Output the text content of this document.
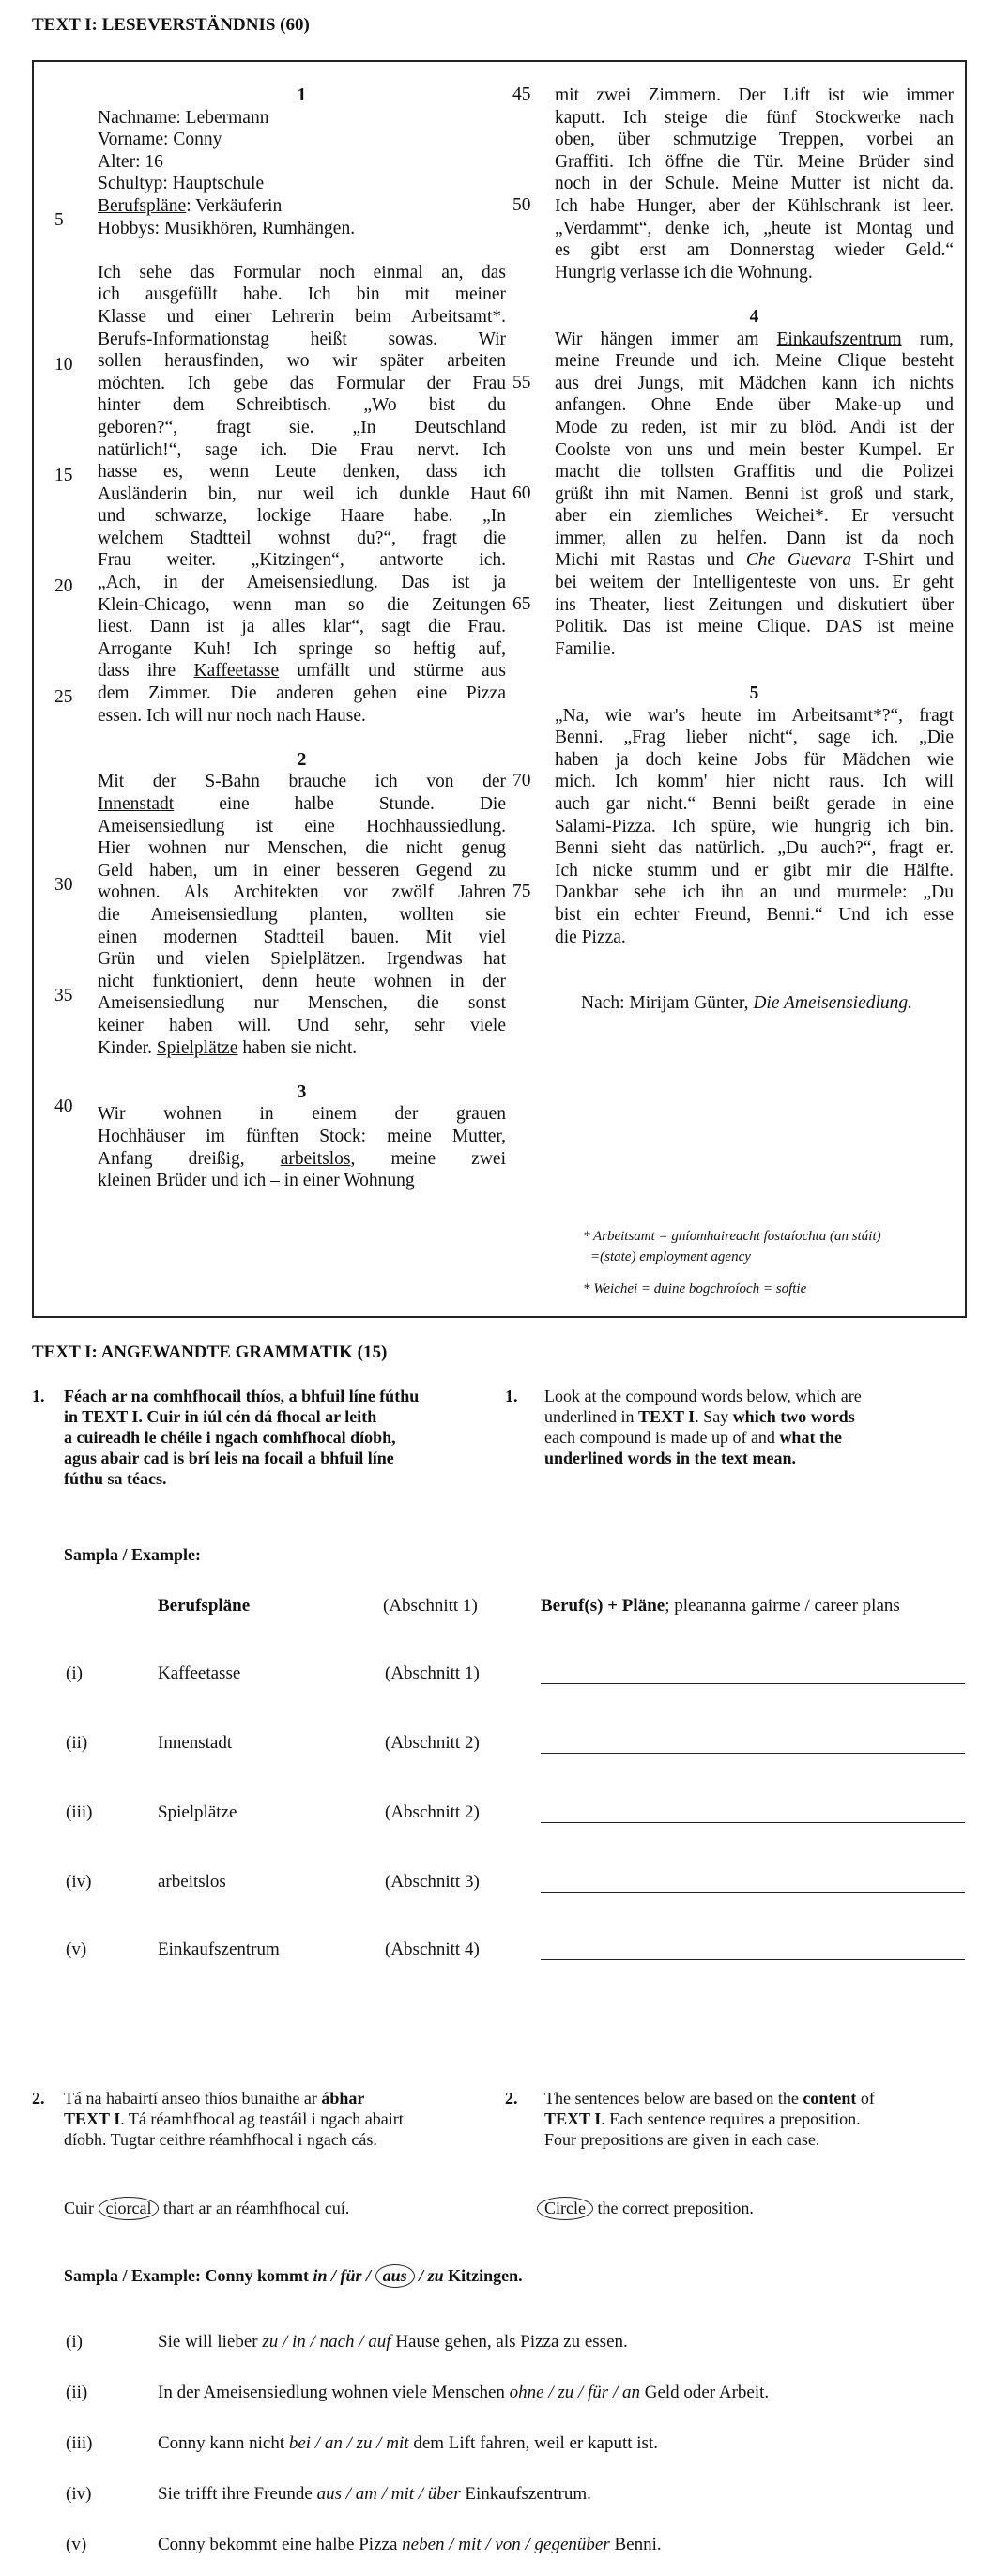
TEXT I: LESEVERSTÄNDNIS (60)
5
10
15
20
25
30
35
40
1
Nachname: Lebermann
Vorname: Conny
Alter: 16
Schultyp: Hauptschule
Berufspläne: Verkäuferin
Hobbys: Musikhören, Rumhängen.
Ich sehe das Formular noch einmal an, das
ich ausgefüllt habe. Ich bin mit meiner
Klasse und einer Lehrerin beim Arbeitsamt*.
Berufs-Informationstag heißt sowas. Wir
sollen herausfinden, wo wir später arbeiten
möchten. Ich gebe das Formular der Frau
hinter dem Schreibtisch. „Wo bist du
geboren?“, fragt sie. „In Deutschland
natürlich!“, sage ich. Die Frau nervt. Ich
hasse es, wenn Leute denken, dass ich
Ausländerin bin, nur weil ich dunkle Haut
und schwarze, lockige Haare habe. „In
welchem Stadtteil wohnst du?“, fragt die
Frau weiter. „Kitzingen“, antworte ich.
„Ach, in der Ameisensiedlung. Das ist ja
Klein-Chicago, wenn man so die Zeitungen
liest. Dann ist ja alles klar“, sagt die Frau.
Arrogante Kuh! Ich springe so heftig auf,
dass ihre Kaffeetasse umfällt und stürme aus
dem Zimmer. Die anderen gehen eine Pizza
essen. Ich will nur noch nach Hause.
2
Mit der S-Bahn brauche ich von der
Innenstadt eine halbe Stunde. Die
Ameisensiedlung ist eine Hochhaussiedlung.
Hier wohnen nur Menschen, die nicht genug
Geld haben, um in einer besseren Gegend zu
wohnen. Als Architekten vor zwölf Jahren
die Ameisensiedlung planten, wollten sie
einen modernen Stadtteil bauen. Mit viel
Grün und vielen Spielplätzen. Irgendwas hat
nicht funktioniert, denn heute wohnen in der
Ameisensiedlung nur Menschen, die sonst
keiner haben will. Und sehr, sehr viele
Kinder. Spielplätze haben sie nicht.
3
Wir wohnen in einem der grauen
Hochhäuser im fünften Stock: meine Mutter,
Anfang dreißig, arbeitslos, meine zwei
kleinen Brüder und ich – in einer Wohnung
45
50
55
60
65
70
75
mit zwei Zimmern. Der Lift ist wie immer
kaputt. Ich steige die fünf Stockwerke nach
oben, über schmutzige Treppen, vorbei an
Graffiti. Ich öffne die Tür. Meine Brüder sind
noch in der Schule. Meine Mutter ist nicht da.
Ich habe Hunger, aber der Kühlschrank ist leer.
„Verdammt“, denke ich, „heute ist Montag und
es gibt erst am Donnerstag wieder Geld.“
Hungrig verlasse ich die Wohnung.
4
Wir hängen immer am Einkaufszentrum rum,
meine Freunde und ich. Meine Clique besteht
aus drei Jungs, mit Mädchen kann ich nichts
anfangen. Ohne Ende über Make-up und
Mode zu reden, ist mir zu blöd. Andi ist der
Coolste von uns und mein bester Kumpel. Er
macht die tollsten Graffitis und die Polizei
grüßt ihn mit Namen. Benni ist groß und stark,
aber ein ziemliches Weichei*. Er versucht
immer, allen zu helfen. Dann ist da noch
Michi mit Rastas und Che Guevara T-Shirt und
bei weitem der Intelligenteste von uns. Er geht
ins Theater, liest Zeitungen und diskutiert über
Politik. Das ist meine Clique. DAS ist meine
Familie.
5
„Na, wie war's heute im Arbeitsamt*?“, fragt
Benni. „Frag lieber nicht“, sage ich. „Die
haben ja doch keine Jobs für Mädchen wie
mich. Ich komm' hier nicht raus. Ich will
auch gar nicht.“ Benni beißt gerade in eine
Salami-Pizza. Ich spüre, wie hungrig ich bin.
Benni sieht das natürlich. „Du auch?“, fragt er.
Ich nicke stumm und er gibt mir die Hälfte.
Dankbar sehe ich ihn an und murmele: „Du
bist ein echter Freund, Benni.“ Und ich esse
die Pizza.
Nach: Mirijam Günter, Die Ameisensiedlung.
* Arbeitsamt = gníomhaireacht fostaíochta (an stáit)
=(state) employment agency
* Weichei = duine bogchroíoch = softie
TEXT I: ANGEWANDTE GRAMMATIK (15)
1. Féach ar na comhfhocail thíos, a bhfuil líne fúthu
in TEXT I. Cuir in iúl cén dá fhocal ar leith
a cuireadh le chéile i ngach comhfhocal díobh,
agus abair cad is brí leis na focail a bhfuil líne
fúthu sa téacs.
1. Look at the compound words below, which are
underlined in TEXT I. Say which two words
each compound is made up of and what the
underlined words in the text mean.
Sampla / Example:
Berufspläne	(Abschnitt 1)	Beruf(s) + Pläne; pleananna gairme / career plans
(i)	Kaffeetasse	(Abschnitt 1)
(ii)	Innenstadt	(Abschnitt 2)
(iii)	Spielplätze	(Abschnitt 2)
(iv)	arbeitslos	(Abschnitt 3)
(v)	Einkaufszentrum	(Abschnitt 4)
2. Tá na habairtí anseo thíos bunaithe ar ábhar
TEXT I. Tá réamhfhocal ag teastáil i ngach abairt
díobh. Tugtar ceithre réamhfhocal i ngach cás.
2. The sentences below are based on the content of
TEXT I. Each sentence requires a preposition.
Four prepositions are given in each case.
Cuir ciorcal thart ar an réamhfhocal cuí.	Circle the correct preposition.
Sampla / Example: Conny kommt in / für / aus / zu Kitzingen.
(i)	Sie will lieber zu / in / nach / auf Hause gehen, als Pizza zu essen.
(ii)	In der Ameisensiedlung wohnen viele Menschen ohne / zu / für / an Geld oder Arbeit.
(iii)	Conny kann nicht bei / an / zu / mit dem Lift fahren, weil er kaputt ist.
(iv)	Sie trifft ihre Freunde aus / am / mit / über Einkaufszentrum.
(v)	Conny bekommt eine halbe Pizza neben / mit / von / gegenüber Benni.
